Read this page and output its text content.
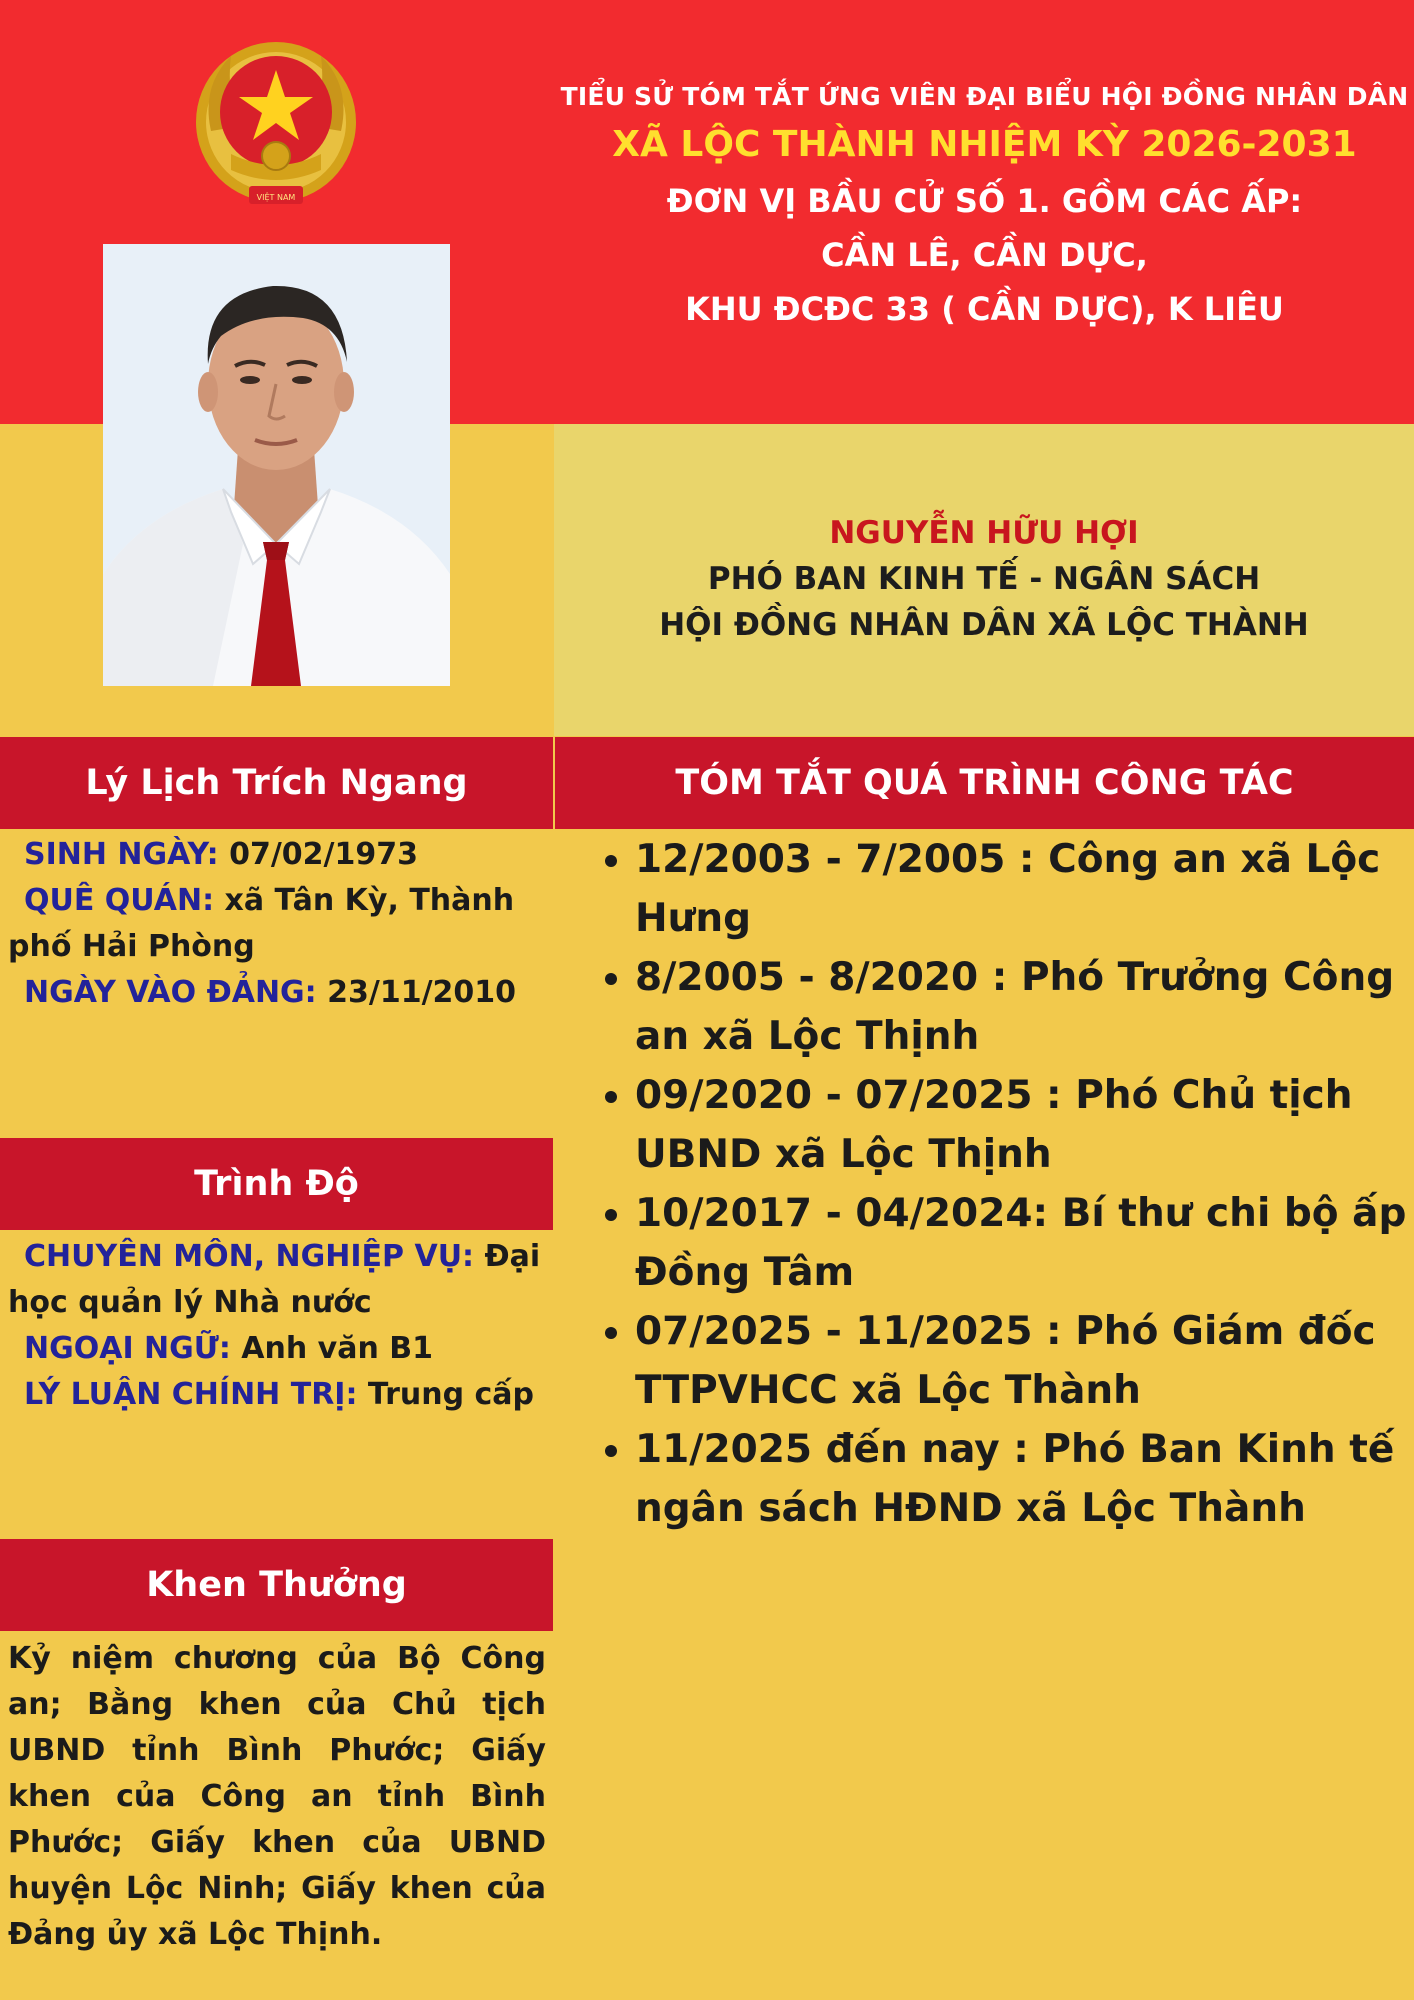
VIỆT NAM
TIỂU SỬ TÓM TẮT ỨNG VIÊN ĐẠI BIỂU HỘI ĐỒNG NHÂN DÂN
XÃ LỘC THÀNH NHIỆM KỲ 2026-2031
ĐƠN VỊ BẦU CỬ SỐ 1. GỒM CÁC ẤP:
CẦN LÊ, CẦN DỰC,
KHU ĐCĐC 33 ( CẦN DỰC), K LIÊU
NGUYỄN HỮU HỢI
PHÓ BAN KINH TẾ - NGÂN SÁCH
HỘI ĐỒNG NHÂN DÂN XÃ LỘC THÀNH
Lý Lịch Trích Ngang
SINH NGÀY: 07/02/1973
QUÊ QUÁN: xã Tân Kỳ, Thành phố Hải Phòng
NGÀY VÀO ĐẢNG: 23/11/2010
Trình Độ
CHUYÊN MÔN, NGHIỆP VỤ: Đại học quản lý Nhà nước
NGOẠI NGỮ: Anh văn B1
LÝ LUẬN CHÍNH TRỊ: Trung cấp
Khen Thưởng
Kỷ niệm chương của Bộ Công an; Bằng khen của Chủ tịch UBND tỉnh Bình Phước; Giấy khen của Công an tỉnh Bình Phước; Giấy khen của UBND huyện Lộc Ninh; Giấy khen của Đảng ủy xã Lộc Thịnh.
TÓM TẮT QUÁ TRÌNH CÔNG TÁC
• 12/2003 - 7/2005 : Công an xã Lộc Hưng
• 8/2005 - 8/2020 : Phó Trưởng Công an xã Lộc Thịnh
• 09/2020 - 07/2025 : Phó Chủ tịch UBND xã Lộc Thịnh
• 10/2017 - 04/2024: Bí thư chi bộ ấp Đồng Tâm
• 07/2025 - 11/2025 : Phó Giám đốc TTPVHCC xã Lộc Thành
• 11/2025 đến nay : Phó Ban Kinh tế ngân sách HĐND xã Lộc Thành
